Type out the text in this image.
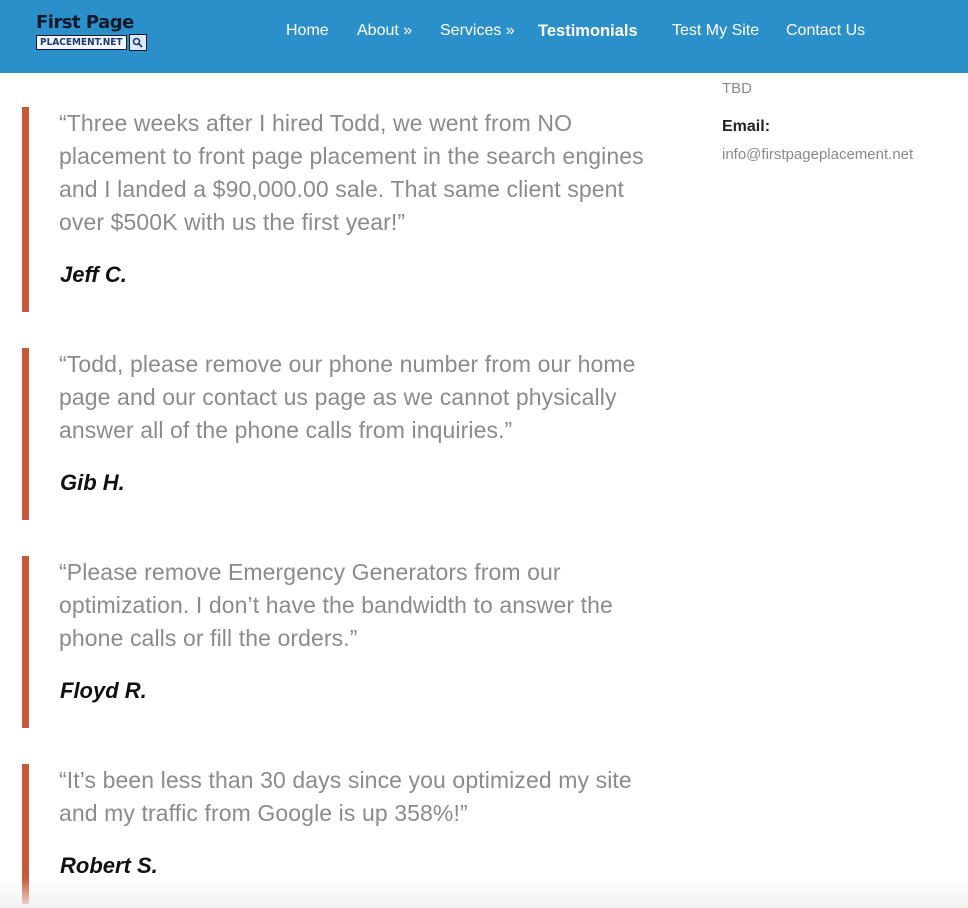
First Page
PLACEMENT.NET
Home About » Services » Testimonials Test My Site Contact Us
TBD
Email:
info@firstpageplacement.net
“Three weeks after I hired Todd, we went from NO placement to front page placement in the search engines and I landed a $90,000.00 sale. That same client spent over $500K with us the first year!”
Jeff C.
“Todd, please remove our phone number from our home page and our contact us page as we cannot physically answer all of the phone calls from inquiries.”
Gib H.
“Please remove Emergency Generators from our optimization. I don’t have the bandwidth to answer the phone calls or fill the orders.”
Floyd R.
“It’s been less than 30 days since you optimized my site and my traffic from Google is up 358%!”
Robert S.
